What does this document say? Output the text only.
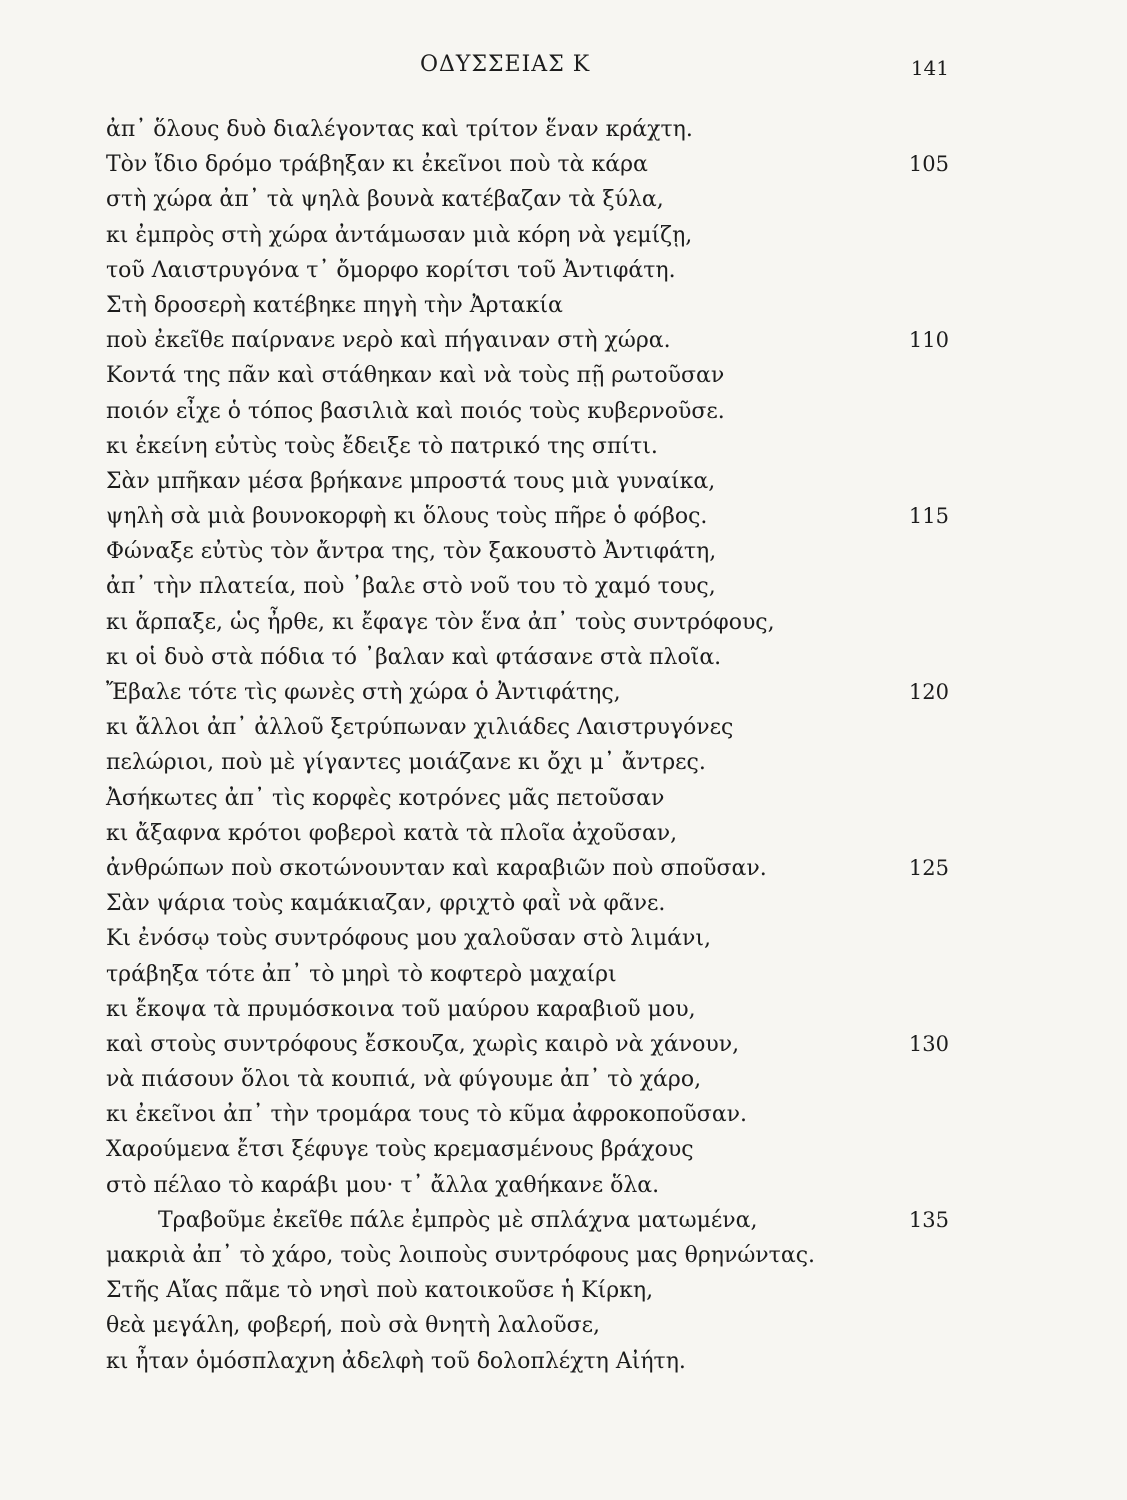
ΟΔΥΣΣΕΙΑΣ Κ	141
ἀπ᾽ ὅλους δυὸ διαλέγοντας καὶ τρίτον ἕναν κράχτη.
Τὸν ἴδιο δρόμο τράβηξαν κι ἐκεῖνοι ποὺ τὰ κάρα	105
στὴ χώρα ἀπ᾽ τὰ ψηλὰ βουνὰ κατέβαζαν τὰ ξύλα,
κι ἐμπρὸς στὴ χώρα ἀντάμωσαν μιὰ κόρη νὰ γεμίζῃ,
τοῦ Λαιστρυγόνα τ᾽ ὄμορφο κορίτσι τοῦ Ἀντιφάτη.
Στὴ δροσερὴ κατέβηκε πηγὴ τὴν Ἀρτακία
ποὺ ἐκεῖθε παίρνανε νερὸ καὶ πήγαιναν στὴ χώρα.	110
Κοντά της πᾶν καὶ στάθηκαν καὶ νὰ τοὺς πῇ ρωτοῦσαν
ποιόν εἶχε ὁ τόπος βασιλιὰ καὶ ποιός τοὺς κυβερνοῦσε.
κι ἐκείνη εὐτὺς τοὺς ἔδειξε τὸ πατρικό της σπίτι.
Σὰν μπῆκαν μέσα βρήκανε μπροστά τους μιὰ γυναίκα,
ψηλὴ σὰ μιὰ βουνοκορφὴ κι ὅλους τοὺς πῆρε ὁ φόβος.	115
Φώναξε εὐτὺς τὸν ἄντρα της, τὸν ξακουστὸ Ἀντιφάτη,
ἀπ᾽ τὴν πλατεία, ποὺ ᾽βαλε στὸ νοῦ του τὸ χαμό τους,
κι ἅρπαξε, ὡς ἦρθε, κι ἔφαγε τὸν ἕνα ἀπ᾽ τοὺς συντρόφους,
κι οἱ δυὸ στὰ πόδια τό ᾽βαλαν καὶ φτάσανε στὰ πλοῖα.
Ἔβαλε τότε τὶς φωνὲς στὴ χώρα ὁ Ἀντιφάτης,	120
κι ἄλλοι ἀπ᾽ ἀλλοῦ ξετρύπωναν χιλιάδες Λαιστρυγόνες
πελώριοι, ποὺ μὲ γίγαντες μοιάζανε κι ὄχι μ᾽ ἄντρες.
Ἀσήκωτες ἀπ᾽ τὶς κορφὲς κοτρόνες μᾶς πετοῦσαν
κι ἄξαφνα κρότοι φοβεροὶ κατὰ τὰ πλοῖα ἀχοῦσαν,
ἀνθρώπων ποὺ σκοτώνουνταν καὶ καραβιῶν ποὺ σποῦσαν.	125
Σὰν ψάρια τοὺς καμάκιαζαν, φριχτὸ φαῒ νὰ φᾶνε.
Κι ἐνόσῳ τοὺς συντρόφους μου χαλοῦσαν στὸ λιμάνι,
τράβηξα τότε ἀπ᾽ τὸ μηρὶ τὸ κοφτερὸ μαχαίρι
κι ἔκοψα τὰ πρυμόσκοινα τοῦ μαύρου καραβιοῦ μου,
καὶ στοὺς συντρόφους ἔσκουζα, χωρὶς καιρὸ νὰ χάνουν,	130
νὰ πιάσουν ὅλοι τὰ κουπιά, νὰ φύγουμε ἀπ᾽ τὸ χάρο,
κι ἐκεῖνοι ἀπ᾽ τὴν τρομάρα τους τὸ κῦμα ἀφροκοποῦσαν.
Χαρούμενα ἔτσι ξέφυγε τοὺς κρεμασμένους βράχους
στὸ πέλαο τὸ καράβι μου· τ᾽ ἄλλα χαθήκανε ὅλα.
Τραβοῦμε ἐκεῖθε πάλε ἐμπρὸς μὲ σπλάχνα ματωμένα,	135
μακριὰ ἀπ᾽ τὸ χάρο, τοὺς λοιποὺς συντρόφους μας θρηνώντας.
Στῆς Αἴας πᾶμε τὸ νησὶ ποὺ κατοικοῦσε ἡ Κίρκη,
θεὰ μεγάλη, φοβερή, ποὺ σὰ θνητὴ λαλοῦσε,
κι ἦταν ὁμόσπλαχνη ἀδελφὴ τοῦ δολοπλέχτη Αἰήτη.
